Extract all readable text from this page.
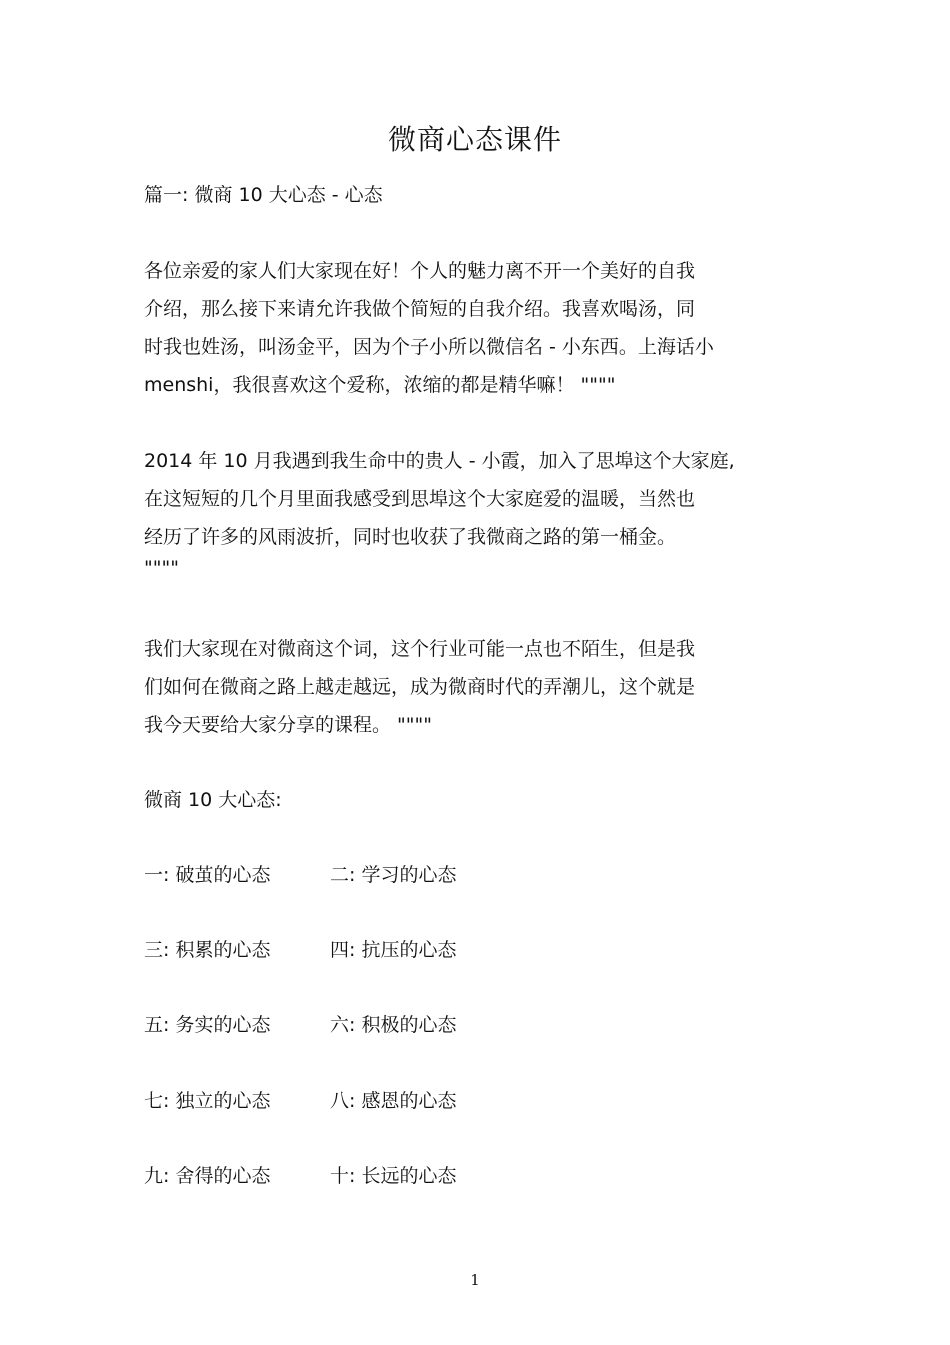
微商心态课件
篇一: 微商 10 大心态 - 心态
各位亲爱的家人们大家现在好！个人的魅力离不开一个美好的自我
介绍，那么接下来请允许我做个简短的自我介绍。我喜欢喝汤，同
时我也姓汤，叫汤金平，因为个子小所以微信名 - 小东西。上海话小
menshi，我很喜欢这个爱称，浓缩的都是精华嘛！ """"
2014 年 10 月我遇到我生命中的贵人 - 小霞，加入了思埠这个大家庭,
在这短短的几个月里面我感受到思埠这个大家庭爱的温暖，当然也
经历了许多的风雨波折，同时也收获了我微商之路的第一桶金。
""""
我们大家现在对微商这个词，这个行业可能一点也不陌生，但是我
们如何在微商之路上越走越远，成为微商时代的弄潮儿，这个就是
我今天要给大家分享的课程。 """"
微商 10 大心态:
一: 破茧的心态	二: 学习的心态
三: 积累的心态	四: 抗压的心态
五: 务实的心态	六: 积极的心态
七: 独立的心态	八: 感恩的心态
九: 舍得的心态	十: 长远的心态
1
